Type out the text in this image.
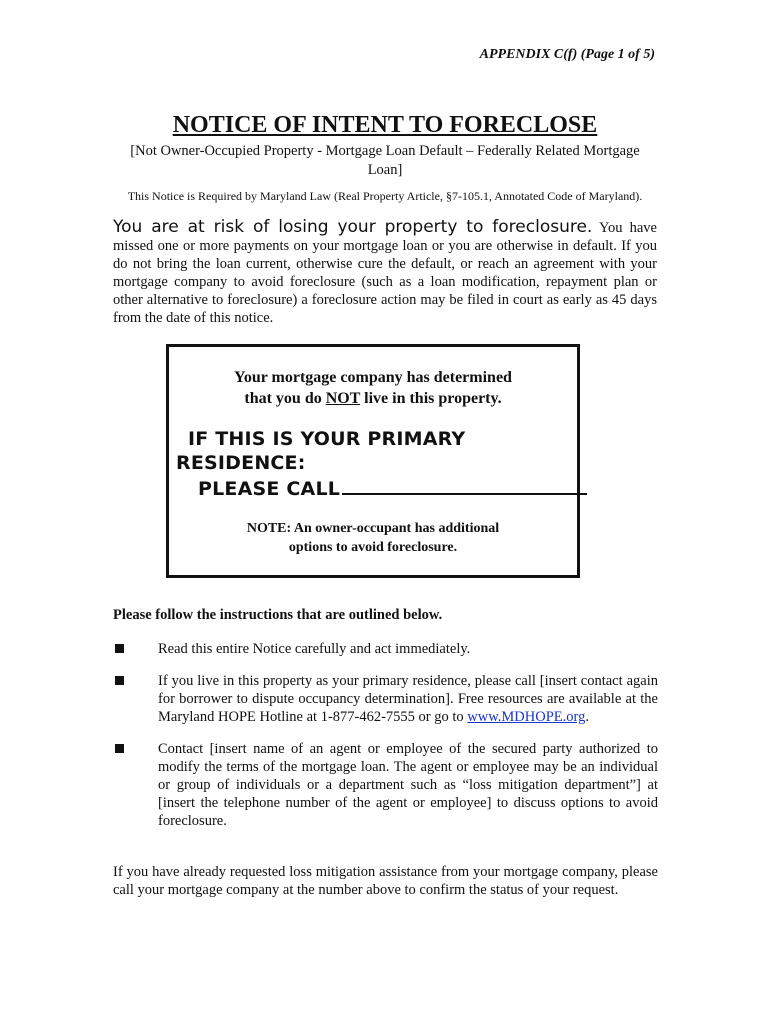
APPENDIX C(f) (Page 1 of 5)
NOTICE OF INTENT TO FORECLOSE
[Not Owner-Occupied Property - Mortgage Loan Default – Federally Related Mortgage Loan]
This Notice is Required by Maryland Law (Real Property Article, §7-105.1, Annotated Code of Maryland).
You are at risk of losing your property to foreclosure. You have missed one or more payments on your mortgage loan or you are otherwise in default. If you do not bring the loan current, otherwise cure the default, or reach an agreement with your mortgage company to avoid foreclosure (such as a loan modification, repayment plan or other alternative to foreclosure) a foreclosure action may be filed in court as early as 45 days from the date of this notice.
Your mortgage company has determined
that you do NOT live in this property.
IF THIS IS YOUR PRIMARY
RESIDENCE:
PLEASE CALL
NOTE: An owner-occupant has additional
options to avoid foreclosure.
Please follow the instructions that are outlined below.
Read this entire Notice carefully and act immediately.
If you live in this property as your primary residence, please call [insert contact again for borrower to dispute occupancy determination]. Free resources are available at the Maryland HOPE Hotline at 1-877-462-7555 or go to www.MDHOPE.org.
Contact [insert name of an agent or employee of the secured party authorized to modify the terms of the mortgage loan. The agent or employee may be an individual or group of individuals or a department such as “loss mitigation department”] at [insert the telephone number of the agent or employee] to discuss options to avoid foreclosure.
If you have already requested loss mitigation assistance from your mortgage company, please call your mortgage company at the number above to confirm the status of your request.
